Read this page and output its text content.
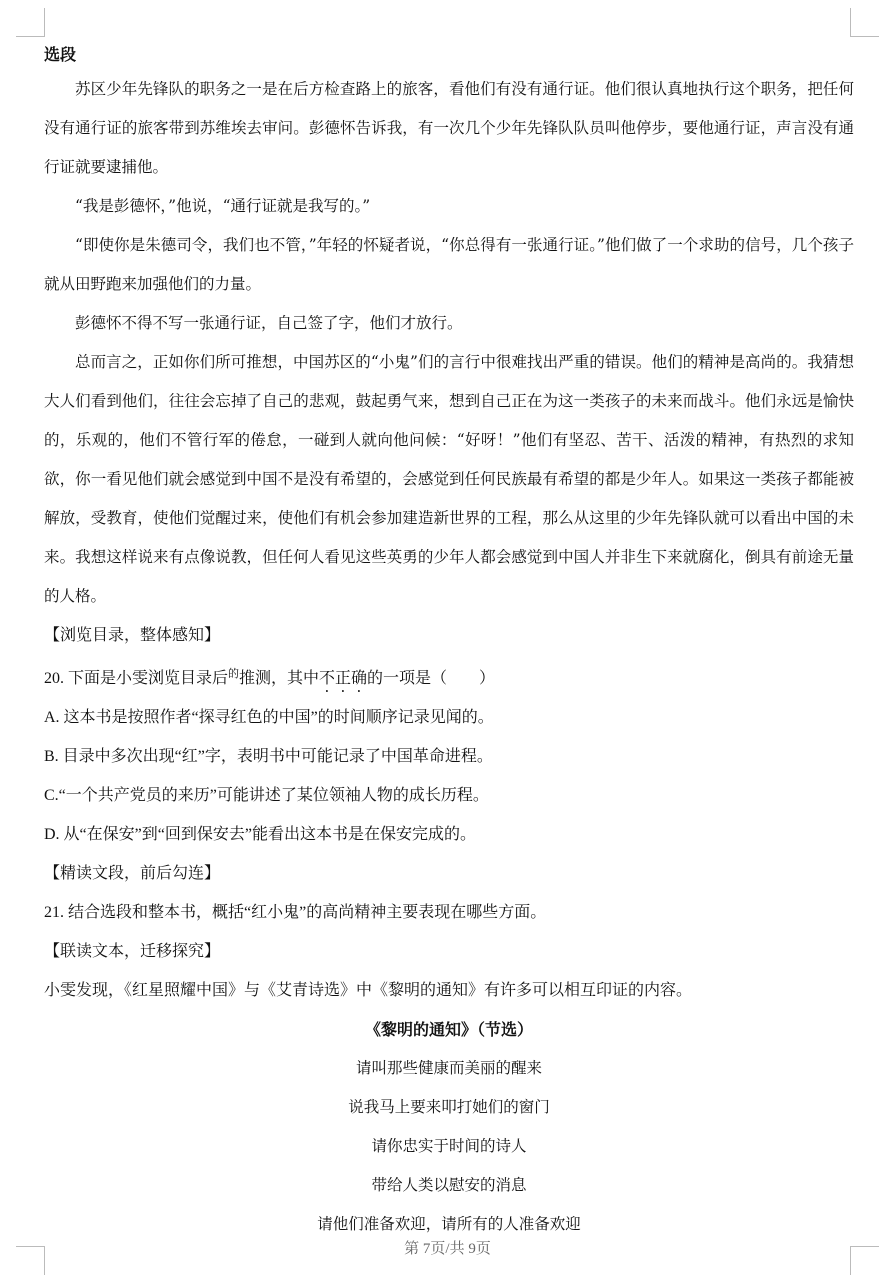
选段

苏区少年先锋队的职务之一是在后方检查路上的旅客，看他们有没有通行证。他们很认真地执行这个职务，把任何没有通行证的旅客带到苏维埃去审问。彭德怀告诉我，有一次几个少年先锋队队员叫他停步，要他通行证，声言没有通行证就要逮捕他。

“我是彭德怀，”他说，“通行证就是我写的。”

“即使你是朱德司令，我们也不管，”年轻的怀疑者说，“你总得有一张通行证。”他们做了一个求助的信号，几个孩子就从田野跑来加强他们的力量。

彭德怀不得不写一张通行证，自己签了字，他们才放行。

总而言之，正如你们所可推想，中国苏区的“小鬼”们的言行中很难找出严重的错误。他们的精神是高尚的。我猜想大人们看到他们，往往会忘掉了自己的悲观，鼓起勇气来，想到自己正在为这一类孩子的未来而战斗。他们永远是愉快的，乐观的，他们不管行军的倦怠，一碰到人就向他问候：“好呀！”他们有坚忍、苦干、活泼的精神，有热烈的求知欲，你一看见他们就会感觉到中国不是没有希望的，会感觉到任何民族最有希望的都是少年人。如果这一类孩子都能被解放，受教育，使他们觉醒过来，使他们有机会参加建造新世界的工程，那么从这里的少年先锋队就可以看出中国的未来。我想这样说来有点像说教，但任何人看见这些英勇的少年人都会感觉到中国人并非生下来就腐化，倒具有前途无量的人格。

【浏览目录，整体感知】
20. 下面是小雯浏览目录后$^的$推测，其中不正确的一项是（　　）
A. 这本书是按照作者“探寻红色的中国”的时间顺序记录见闻的。
B. 目录中多次出现“红”字，表明书中可能记录了中国革命进程。
C.“一个共产党员的来历”可能讲述了某位领袖人物的成长历程。
D. 从“在保安”到“回到保安去”能看出这本书是在保安完成的。
【精读文段，前后勾连】
21. 结合选段和整本书，概括“红小鬼”的高尚精神主要表现在哪些方面。
【联读文本，迁移探究】
小雯发现，《红星照耀中国》与《艾青诗选》中《黎明的通知》有许多可以相互印证的内容。
《黎明的通知》（节选）
请叫那些健康而美丽的醒来
说我马上要来叩打她们的窗门
请你忠实于时间的诗人
带给人类以慰安的消息
请他们准备欢迎，请所有的人准备欢迎
第 7页/共 9页
